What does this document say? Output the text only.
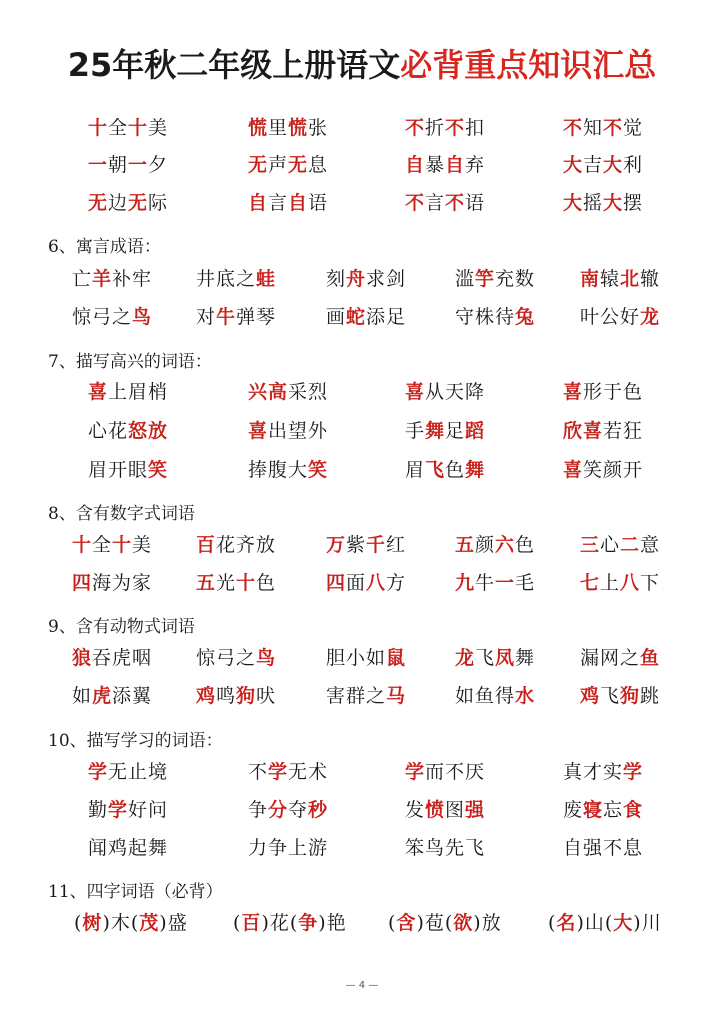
25年秋二年级上册语文必背重点知识汇总
十全十美	慌里慌张	不折不扣	不知不觉
一朝一夕	无声无息	自暴自弃	大吉大利
无边无际	自言自语	不言不语	大摇大摆
6、寓言成语：
亡羊补牢 井底之蛙	刻舟求剑	滥竽充数 南辕北辙
惊弓之鸟 对牛弹琴	画蛇添足	守株待兔 叶公好龙
7、描写高兴的词语：
喜上眉梢	兴高采烈	喜从天降	喜形于色
心花怒放	喜出望外	手舞足蹈	欣喜若狂
眉开眼笑	捧腹大笑	眉飞色舞	喜笑颜开
8、含有数字式词语
十全十美 百花齐放	万紫千红	五颜六色 三心二意
四海为家 五光十色	四面八方	九牛一毛 七上八下
9、含有动物式词语
狼吞虎咽 惊弓之鸟	胆小如鼠	龙飞凤舞 漏网之鱼
如虎添翼 鸡鸣狗吠	害群之马	如鱼得水 鸡飞狗跳
10、描写学习的词语：
学无止境	不学无术	学而不厌	真才实学
勤学好问	争分夺秒	发愤图强	废寝忘食
闻鸡起舞	力争上游	笨鸟先飞	自强不息
11、四字词语（必背）
(树)木(茂)盛 (百)花(争)艳 (含)苞(欲)放 (名)山(大)川
— 4 —
